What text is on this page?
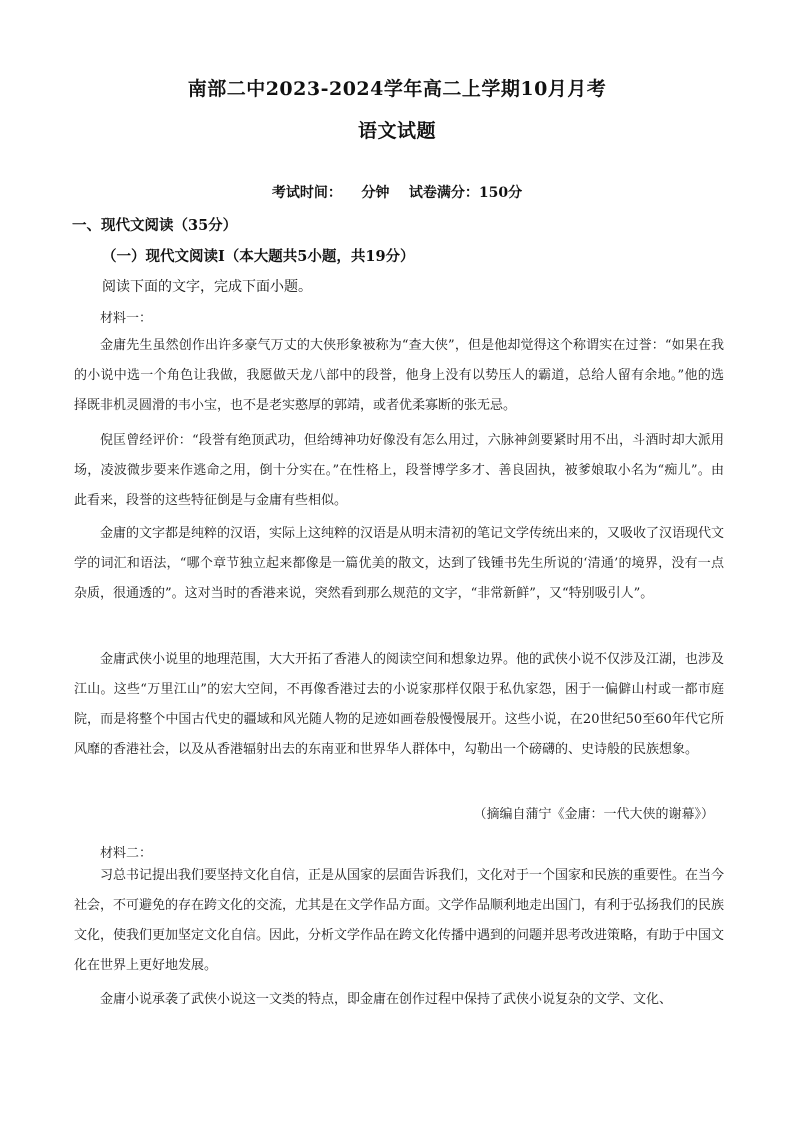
南部二中2023-2024学年高二上学期10月月考
语文试题
考试时间：    分钟    试卷满分：150分
一、现代文阅读（35分）
（一）现代文阅读Ⅰ（本大题共5小题，共19分）
阅读下面的文字，完成下面小题。
材料一：
金庸先生虽然创作出许多豪气万丈的大侠形象被称为“查大侠”，但是他却觉得这个称谓实在过誉：“如果在我的小说中选一个角色让我做，我愿做天龙八部中的段誉，他身上没有以势压人的霸道，总给人留有余地。”他的选择既非机灵圆滑的韦小宝，也不是老实憨厚的郭靖，或者优柔寡断的张无忌。
倪匡曾经评价：“段誉有绝顶武功，但给缚神功好像没有怎么用过，六脉神剑要紧时用不出，斗酒时却大派用场，凌波微步要来作逃命之用，倒十分实在。”在性格上，段誉博学多才、善良固执，被爹娘取小名为“痴儿”。由此看来，段誉的这些特征倒是与金庸有些相似。
金庸的文字都是纯粹的汉语，实际上这纯粹的汉语是从明末清初的笔记文学传统出来的，又吸收了汉语现代文学的词汇和语法，“哪个章节独立起来都像是一篇优美的散文，达到了钱锺书先生所说的‘清通’的境界，没有一点杂质，很通透的”。这对当时的香港来说，突然看到那么规范的文字，“非常新鲜”，又“特别吸引人”。
金庸武侠小说里的地理范围，大大开拓了香港人的阅读空间和想象边界。他的武侠小说不仅涉及江湖，也涉及江山。这些“万里江山”的宏大空间，不再像香港过去的小说家那样仅限于私仇家怨，困于一偏僻山村或一都市庭院，而是将整个中国古代史的疆域和风光随人物的足迹如画卷般慢慢展开。这些小说，在20世纪50至60年代它所风靡的香港社会，以及从香港辐射出去的东南亚和世界华人群体中，勾勒出一个磅礴的、史诗般的民族想象。
（摘编自蒲宁《金庸：一代大侠的谢幕》）
材料二：
习总书记提出我们要坚持文化自信，正是从国家的层面告诉我们，文化对于一个国家和民族的重要性。在当今社会，不可避免的存在跨文化的交流，尤其是在文学作品方面。文学作品顺利地走出国门，有利于弘扬我们的民族文化，使我们更加坚定文化自信。因此，分析文学作品在跨文化传播中遇到的问题并思考改进策略，有助于中国文化在世界上更好地发展。
金庸小说承袭了武侠小说这一文类的特点，即金庸在创作过程中保持了武侠小说复杂的文学、文化、
